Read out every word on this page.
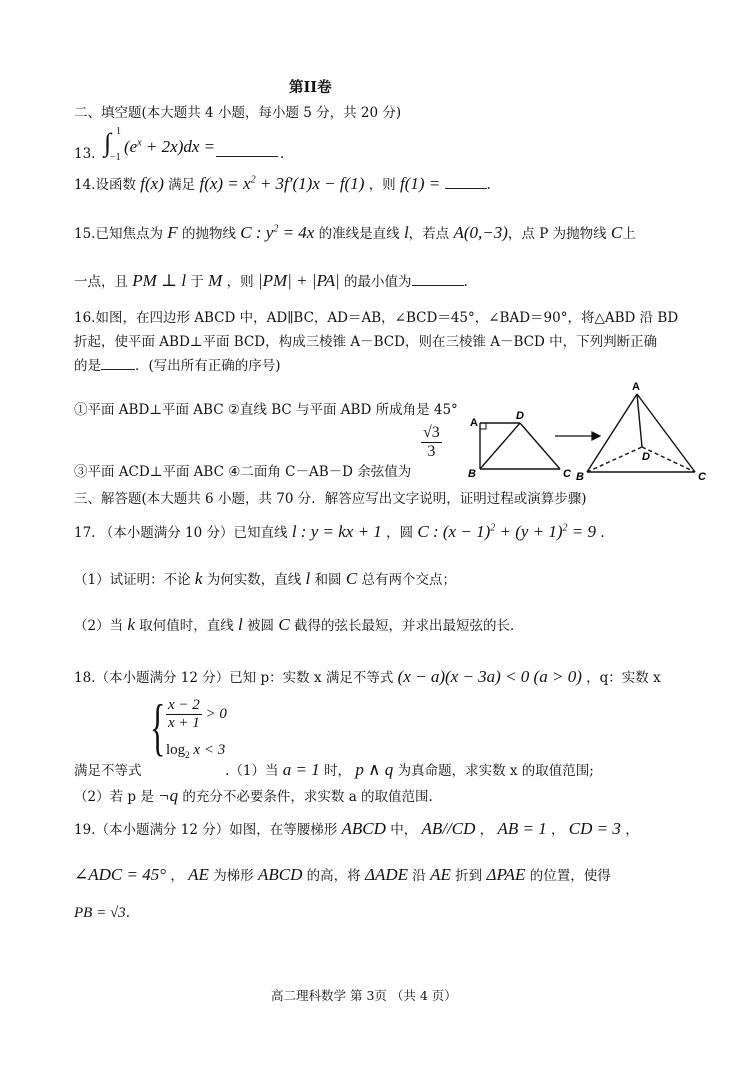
第II卷
二、填空题(本大题共 4 小题，每小题 5 分，共 20 分)
13. ∫ 1
−1
$(e^x + 2x)dx$ =	.
14.设函数 f(x) 满足 $f(x) = x^2 + 3f'(1)x - f(1)$ ，则 f(1) =	.
15.已知焦点为 F 的抛物线 C : $y^2 = 4x$ 的准线是直线 l，若点 A(0,−3)，点 P 为抛物线 C上
一点，且 PM ⊥ l 于 M ，则 |PM| + |PA| 的最小值为	.
16.如图，在四边形 ABCD 中，AD∥BC，AD＝AB，∠BCD＝45°，∠BAD＝90°，将△ABD 沿 BD
折起，使平面 ABD⊥平面 BCD，构成三棱锥 A－BCD，则在三棱锥 A－BCD 中，下列判断正确
的是	．(写出所有正确的序号)
①平面 ABD⊥平面 ABC ②直线 BC 与平面 ABD 所成角是 45°
③平面 ACD⊥平面 ABC ④二面角 C－AB－D 余弦值为
$\frac{√3}{3}$
A
D
B	C
A
D
B	C
三、解答题(本大题共 6 小题，共 70 分．解答应写出文字说明，证明过程或演算步骤)
17. （本小题满分 10 分）已知直线 l : y = kx + 1 ，圆 C : $(x - 1)^2 + (y + 1)^2 = 9$ .
（1）试证明：不论 k 为何实数，直线 l 和圆 C 总有两个交点；
（2）当 k 取何值时，直线 l 被圆 C 截得的弦长最短，并求出最短弦的长.
18.（本小题满分 12 分）已知 p：实数 x 满足不等式 (x − a)(x − 3a) < 0 (a > 0) ，q：实数 x
{ $\frac{x - 2}{x + 1} > 0$
$\log_2 x < 3$
满足不等式	.（1）当 a = 1 时， p ∧ q 为真命题，求实数 x 的取值范围;
（2）若 p 是 ¬q 的充分不必要条件，求实数 a 的取值范围.
19.（本小题满分 12 分）如图，在等腰梯形 ABCD 中， AB//CD ， AB = 1 ， CD = 3 ，
∠ADC = 45° ， AE 为梯形 ABCD 的高，将 ΔADE 沿 AE 折到 ΔPAE 的位置，使得
PB = √3.
高二理科数学 第 3页 （共 4 页）
